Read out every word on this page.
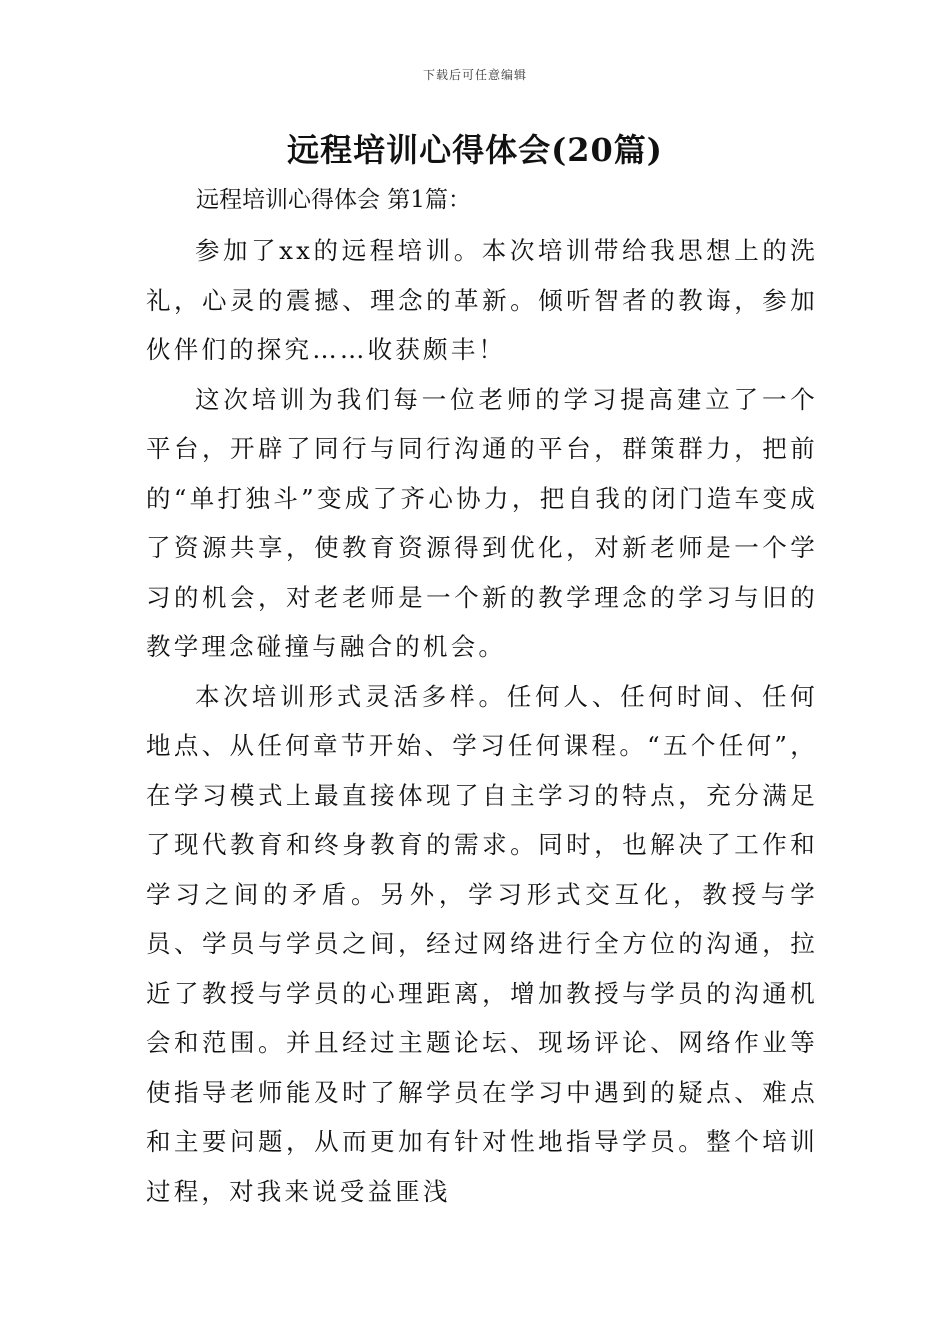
下载后可任意编辑
远程培训心得体会(20篇)
远程培训心得体会 第1篇：

参加了xx的远程培训。本次培训带给我思想上的洗礼，心灵的震撼、理念的革新。倾听智者的教诲，参加伙伴们的探究……收获颇丰！

这次培训为我们每一位老师的学习提高建立了一个平台，开辟了同行与同行沟通的平台，群策群力，把前的“单打独斗”变成了齐心协力，把自我的闭门造车变成了资源共享，使教育资源得到优化，对新老师是一个学习的机会，对老老师是一个新的教学理念的学习与旧的教学理念碰撞与融合的机会。

本次培训形式灵活多样。任何人、任何时间、任何地点、从任何章节开始、学习任何课程。“五个任何”，在学习模式上最直接体现了自主学习的特点，充分满足了现代教育和终身教育的需求。同时，也解决了工作和学习之间的矛盾。另外，学习形式交互化，教授与学员、学员与学员之间，经过网络进行全方位的沟通，拉近了教授与学员的心理距离，增加教授与学员的沟通机会和范围。并且经过主题论坛、现场评论、网络作业等使指导老师能及时了解学员在学习中遇到的疑点、难点和主要问题，从而更加有针对性地指导学员。整个培训过程，对我来说受益匪浅
